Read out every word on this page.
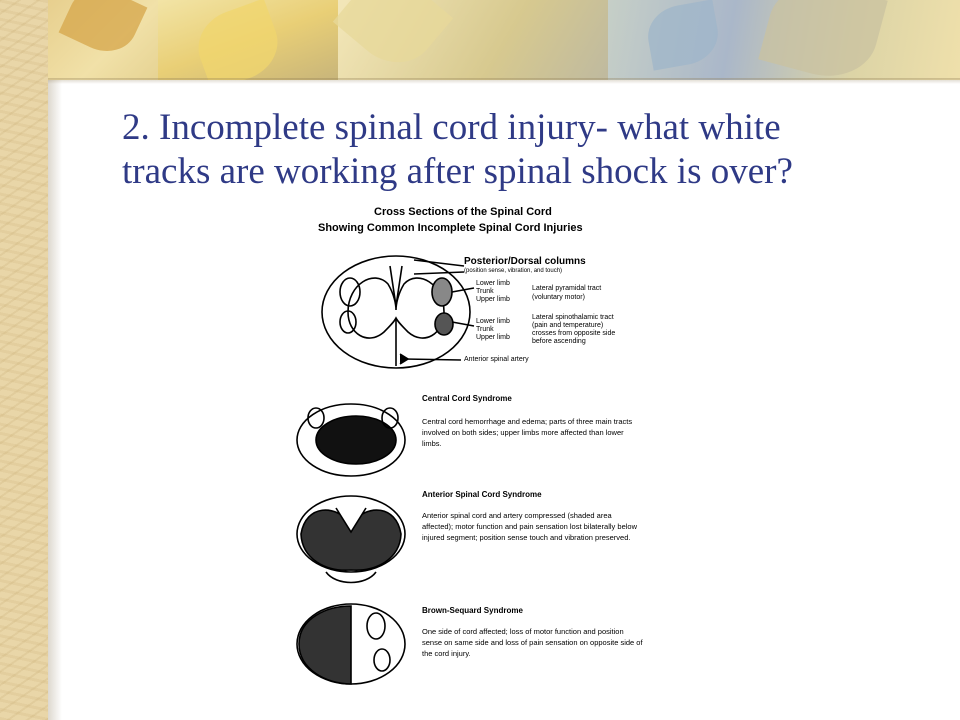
2. Incomplete spinal cord injury- what white
tracks are working after spinal shock is over?

Cross Sections of the Spinal Cord

Showing Common Incomplete Spinal Cord Injuries

Posterior/Dorsal columns

(position sense, vibration, and touch)

Lower limb
Trunk
Upper limb

Lateral pyramidal tract
(voluntary motor)

Lower limb
Trunk
Upper limb

Lateral spinothalamic tract
(pain and temperature)
crosses from opposite side
before ascending

Anterior spinal artery

Central Cord Syndrome

Central cord hemorrhage and edema; parts of three main tracts
involved on both sides; upper limbs more affected than lower
limbs.

Anterior Spinal Cord Syndrome

Anterior spinal cord and artery compressed (shaded area
affected); motor function and pain sensation lost bilaterally below
injured segment; position sense touch and vibration preserved.

Brown-Sequard Syndrome

One side of cord affected; loss of motor function and position
sense on same side and loss of pain sensation on opposite side of
the cord injury.
